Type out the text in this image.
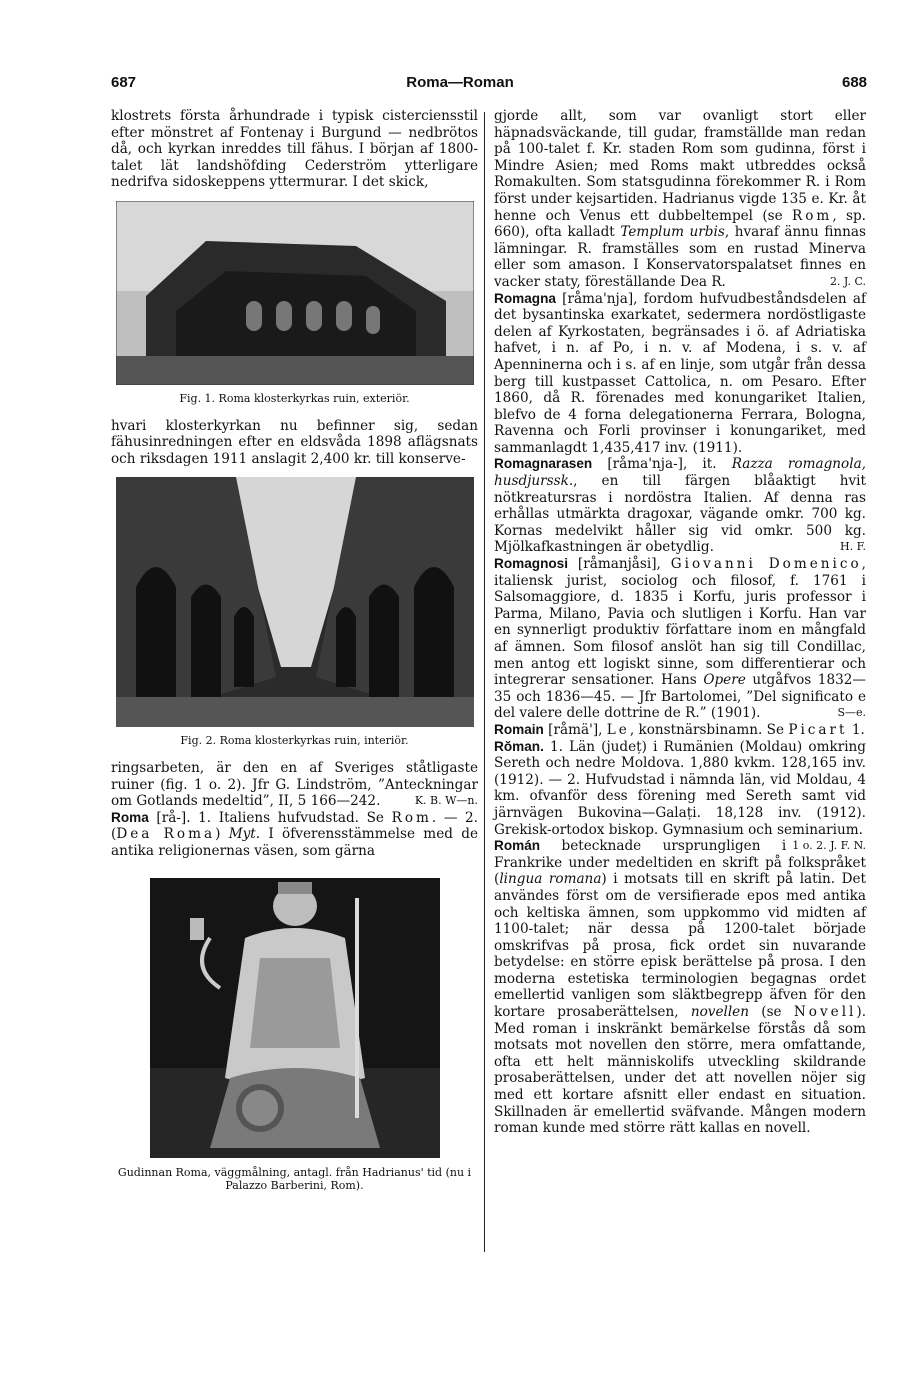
687	Roma—Roman	688

klostrets första århundrade i typisk cisterciensstil efter mönstret af Fontenay i Burgund — nedbrötos då, och kyrkan inreddes till fähus. I början af 1800-talet lät landshöfding Cederström ytterligare nedrifva sidoskeppens yttermurar. I det skick,

Fig. 1. Roma klosterkyrkas ruin, exteriör.

hvari klosterkyrkan nu befinner sig, sedan fähusinredningen efter en eldsvåda 1898 aflägsnats och riksdagen 1911 anslagit 2,400 kr. till konserve-

Fig. 2. Roma klosterkyrkas ruin, interiör.

ringsarbeten, är den en af Sveriges ståtligaste ruiner (fig. 1 o. 2). Jfr G. Lindström, ”Anteckningar om Gotlands medeltid”, II, 5 166—242.	K. B. W—n.

Roma [rå-]. 1. Italiens hufvudstad. Se Rom. — 2. (Dea Roma) Myt. I öfverensstämmelse med de antika religionernas väsen, som gärna

Gudinnan Roma, väggmålning, antagl. från Hadrianus' tid (nu i Palazzo Barberini, Rom).

gjorde allt, som var ovanligt stort eller häpnadsväckande, till gudar, framställde man redan på 100-talet f. Kr. staden Rom som gudinna, först i Mindre Asien; med Roms makt utbreddes också Romakulten. Som statsgudinna förekommer R. i Rom först under kejsartiden. Hadrianus vigde 135 e. Kr. åt henne och Venus ett dubbeltempel (se Rom, sp. 660), ofta kalladt Templum urbis, hvaraf ännu finnas lämningar. R. framställes som en rustad Minerva eller som amason. I Konservatorspalatset finnes en vacker staty, föreställande Dea R.	2. J. C.

Romagna [råma'nja], fordom hufvudbeståndsdelen af det bysantinska exarkatet, sedermera nordöstligaste delen af Kyrkostaten, begränsades i ö. af Adriatiska hafvet, i n. af Po, i n. v. af Modena, i s. v. af Apenninerna och i s. af en linje, som utgår från dessa berg till kustpasset Cattolica, n. om Pesaro. Efter 1860, då R. förenades med konungariket Italien, blefvo de 4 forna delegationerna Ferrara, Bologna, Ravenna och Forli provinser i konungariket, med sammanlagdt 1,435,417 inv. (1911).

Romagnarasen [råma'nja-], it. Razza romagnola, husdjurssk., en till färgen blåaktigt hvit nötkreatursras i nordöstra Italien. Af denna ras erhållas utmärkta dragoxar, vägande omkr. 700 kg. Kornas medelvikt håller sig vid omkr. 500 kg. Mjölkafkastningen är obetydlig.	H. F.

Romagnosi [råmanjåsi], Giovanni Domenico, italiensk jurist, sociolog och filosof, f. 1761 i Salsomaggiore, d. 1835 i Korfu, juris professor i Parma, Milano, Pavia och slutligen i Korfu. Han var en synnerligt produktiv författare inom en mångfald af ämnen. Som filosof anslöt han sig till Condillac, men antog ett logiskt sinne, som differentierar och integrerar sensationer. Hans Opere utgåfvos 1832—35 och 1836—45. — Jfr Bartolomei, ”Del significato e del valere delle dottrine de R.” (1901).	S—e.

Romain [råmä'], Le, konstnärsbinamn. Se Picart 1.

Rŏman. 1. Län (județ) i Rumänien (Moldau) omkring Sereth och nedre Moldova. 1,880 kvkm. 128,165 inv. (1912). — 2. Hufvudstad i nämnda län, vid Moldau, 4 km. ofvanför dess förening med Sereth samt vid järnvägen Bukovina—Galați. 18,128 inv. (1912). Grekisk-ortodox biskop. Gymnasium och seminarium.
1 o. 2. J. F. N.

Román betecknade ursprungligen i Frankrike under medeltiden en skrift på folkspråket (lingua romana) i motsats till en skrift på latin. Det användes först om de versifierade epos med antika och keltiska ämnen, som uppkommo vid midten af 1100-talet; när dessa på 1200-talet började omskrifvas på prosa, fick ordet sin nuvarande betydelse: en större episk berättelse på prosa. I den moderna estetiska terminologien begagnas ordet emellertid vanligen som släktbegrepp äfven för den kortare prosaberättelsen, novellen (se Novell). Med roman i inskränkt bemärkelse förstås då som motsats mot novellen den större, mera omfattande, ofta ett helt människolifs utveckling skildrande prosaberättelsen, under det att novellen nöjer sig med ett kortare afsnitt eller endast en situation. Skillnaden är emellertid sväfvande. Mången modern roman kunde med större rätt kallas en novell.
